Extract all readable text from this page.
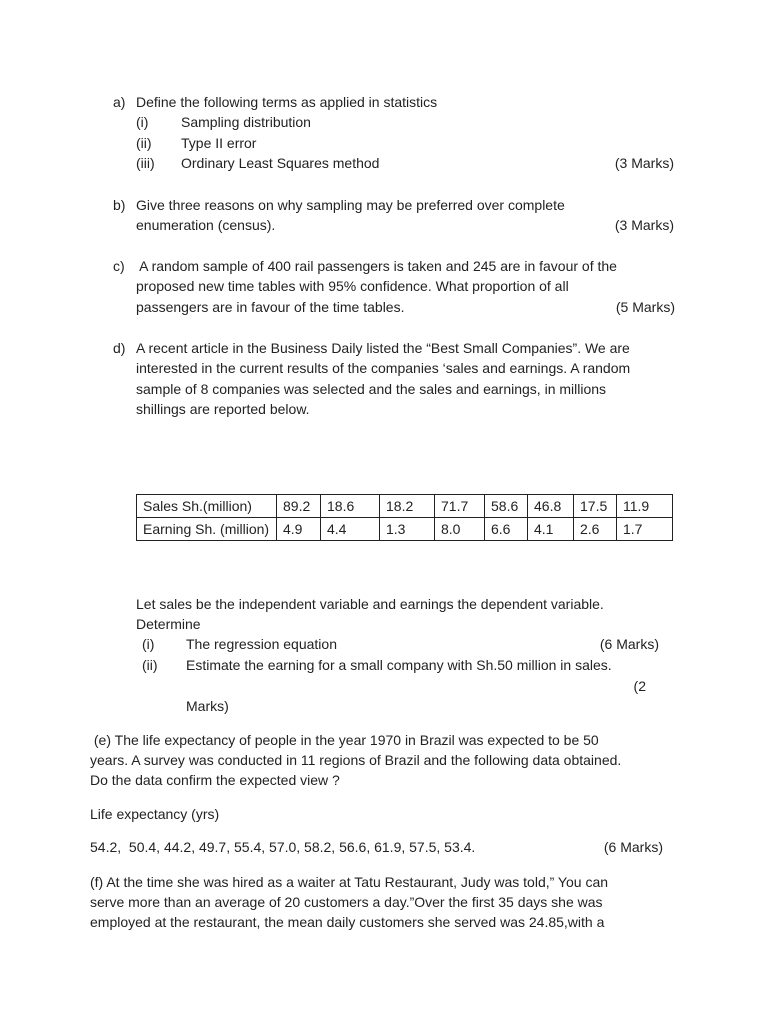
a) Define the following terms as applied in statistics
(i) Sampling distribution
(ii) Type II error
(iii) Ordinary Least Squares method	(3 Marks)
b) Give three reasons on why sampling may be preferred over complete
enumeration (census).	(3 Marks)
c) A random sample of 400 rail passengers is taken and 245 are in favour of the
proposed new time tables with 95% confidence. What proportion of all
passengers are in favour of the time tables.	(5 Marks)
d) A recent article in the Business Daily listed the “Best Small Companies”. We are
interested in the current results of the companies ‘sales and earnings. A random
sample of 8 companies was selected and the sales and earnings, in millions
shillings are reported below.
Sales Sh.(million)	89.2	18.6	18.2	71.7	58.6	46.8	17.5	11.9
Earning Sh. (million)	4.9	4.4	1.3	8.0	6.6	4.1	2.6	1.7
Let sales be the independent variable and earnings the dependent variable.
Determine
(i) The regression equation	(6 Marks)
(ii) Estimate the earning for a small company with Sh.50 million in sales.
(2
Marks)
(e) The life expectancy of people in the year 1970 in Brazil was expected to be 50
years. A survey was conducted in 11 regions of Brazil and the following data obtained.
Do the data confirm the expected view ?
Life expectancy (yrs)
54.2,  50.4, 44.2, 49.7, 55.4, 57.0, 58.2, 56.6, 61.9, 57.5, 53.4.	(6 Marks)
(f) At the time she was hired as a waiter at Tatu Restaurant, Judy was told,” You can
serve more than an average of 20 customers a day.”Over the first 35 days she was
employed at the restaurant, the mean daily customers she served was 24.85,with a
